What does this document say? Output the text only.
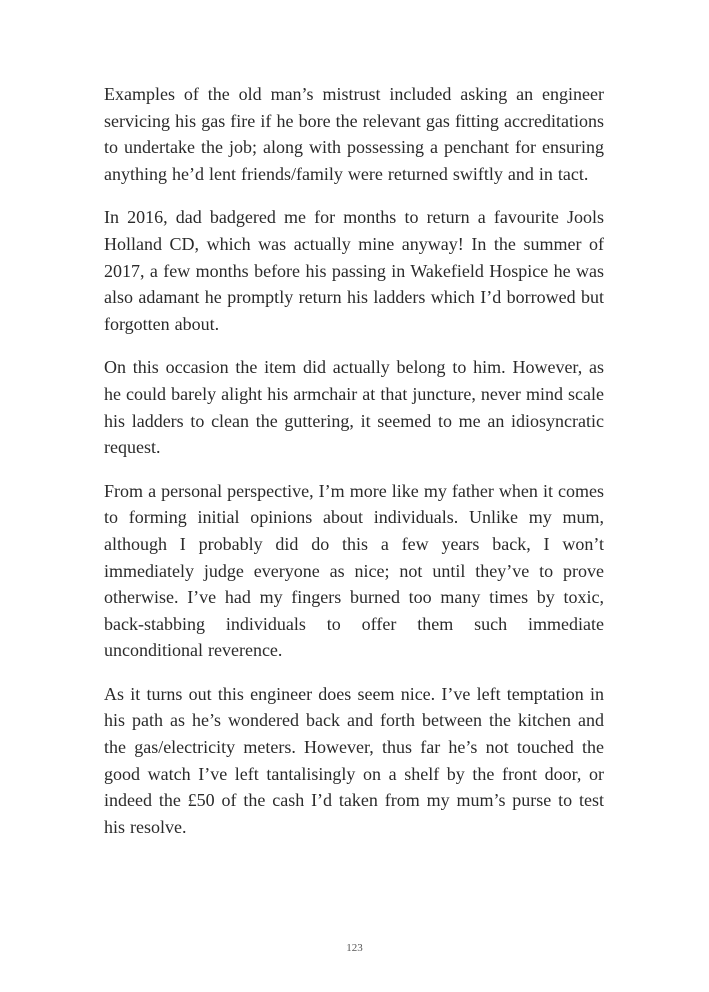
Examples of the old man’s mistrust included asking an engineer servicing his gas fire if he bore the relevant gas fitting accreditations to undertake the job; along with possessing a penchant for ensuring anything he’d lent friends/family were returned swiftly and in tact.

In 2016, dad badgered me for months to return a favourite Jools Holland CD, which was actually mine anyway! In the summer of 2017, a few months before his passing in Wakefield Hospice he was also adamant he promptly return his ladders which I’d borrowed but forgotten about.

On this occasion the item did actually belong to him. However, as he could barely alight his armchair at that juncture, never mind scale his ladders to clean the guttering, it seemed to me an idiosyncratic request.

From a personal perspective, I’m more like my father when it comes to forming initial opinions about individuals. Unlike my mum, although I probably did do this a few years back, I won’t immediately judge everyone as nice; not until they’ve to prove otherwise. I’ve had my fingers burned too many times by toxic, back-stabbing individuals to offer them such immediate unconditional reverence.

As it turns out this engineer does seem nice. I’ve left temptation in his path as he’s wondered back and forth between the kitchen and the gas/electricity meters. However, thus far he’s not touched the good watch I’ve left tantalisingly on a shelf by the front door, or indeed the £50 of the cash I’d taken from my mum’s purse to test his resolve.

123
